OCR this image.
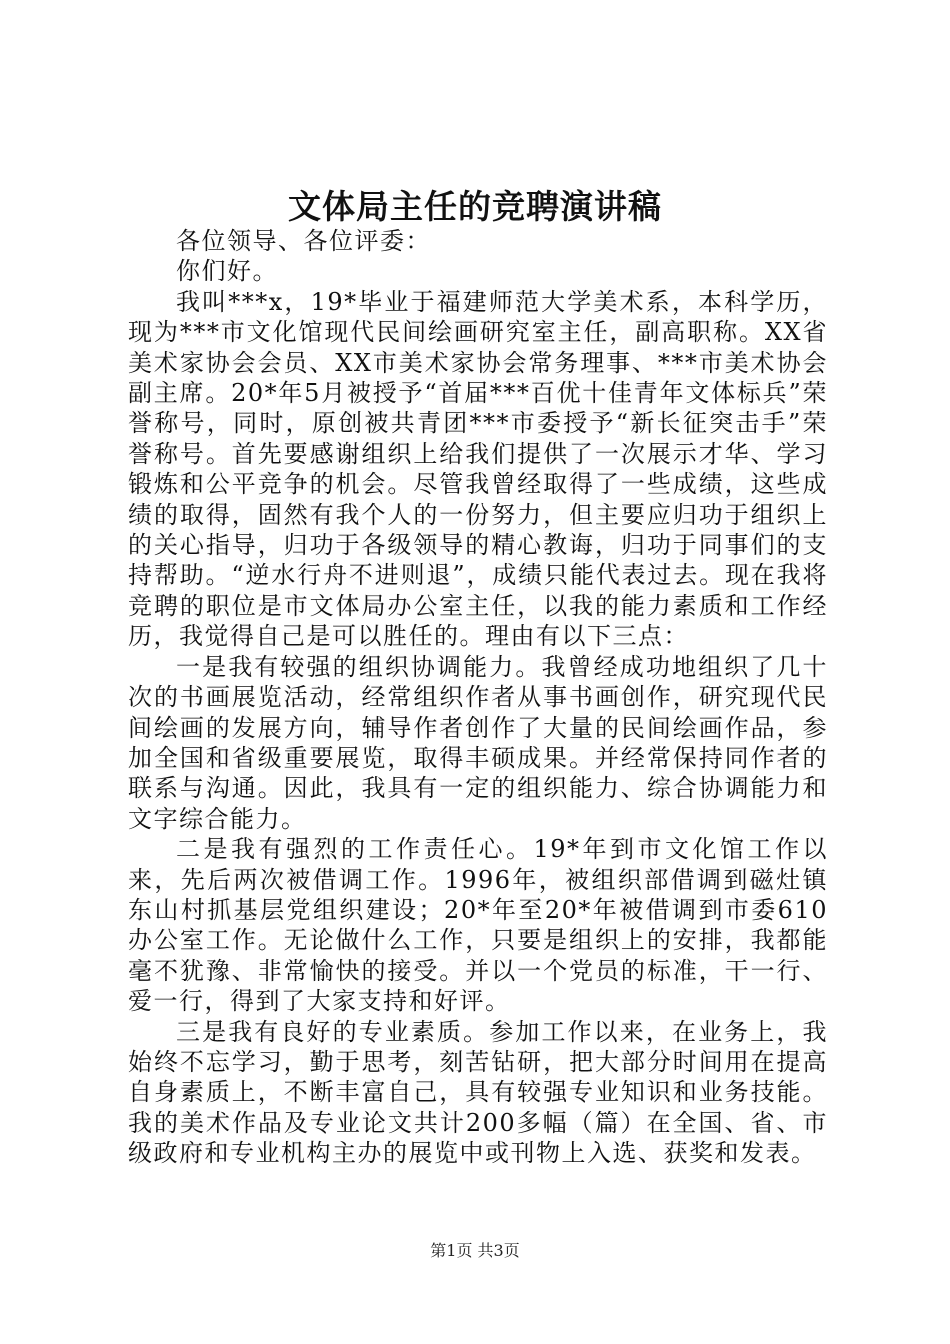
文体局主任的竞聘演讲稿

各位领导、各位评委：

你们好。

我叫***x，19*毕业于福建师范大学美术系，本科学历，现为***市文化馆现代民间绘画研究室主任，副高职称。XX省美术家协会会员、XX市美术家协会常务理事、***市美术协会副主席。20*年5月被授予“首届***百优十佳青年文体标兵”荣誉称号，同时，原创被共青团***市委授予“新长征突击手”荣誉称号。首先要感谢组织上给我们提供了一次展示才华、学习锻炼和公平竞争的机会。尽管我曾经取得了一些成绩，这些成绩的取得，固然有我个人的一份努力，但主要应归功于组织上的关心指导，归功于各级领导的精心教诲，归功于同事们的支持帮助。“逆水行舟不进则退”，成绩只能代表过去。现在我将竞聘的职位是市文体局办公室主任，以我的能力素质和工作经历，我觉得自己是可以胜任的。理由有以下三点：

一是我有较强的组织协调能力。我曾经成功地组织了几十次的书画展览活动，经常组织作者从事书画创作，研究现代民间绘画的发展方向，辅导作者创作了大量的民间绘画作品，参加全国和省级重要展览，取得丰硕成果。并经常保持同作者的联系与沟通。因此，我具有一定的组织能力、综合协调能力和文字综合能力。

二是我有强烈的工作责任心。19*年到市文化馆工作以来，先后两次被借调工作。1996年，被组织部借调到磁灶镇东山村抓基层党组织建设；20*年至20*年被借调到市委610办公室工作。无论做什么工作，只要是组织上的安排，我都能毫不犹豫、非常愉快的接受。并以一个党员的标准，干一行、爱一行，得到了大家支持和好评。

三是我有良好的专业素质。参加工作以来，在业务上，我始终不忘学习，勤于思考，刻苦钻研，把大部分时间用在提高自身素质上，不断丰富自己，具有较强专业知识和业务技能。我的美术作品及专业论文共计200多幅（篇）在全国、省、市级政府和专业机构主办的展览中或刊物上入选、获奖和发表。

第1页 共3页
